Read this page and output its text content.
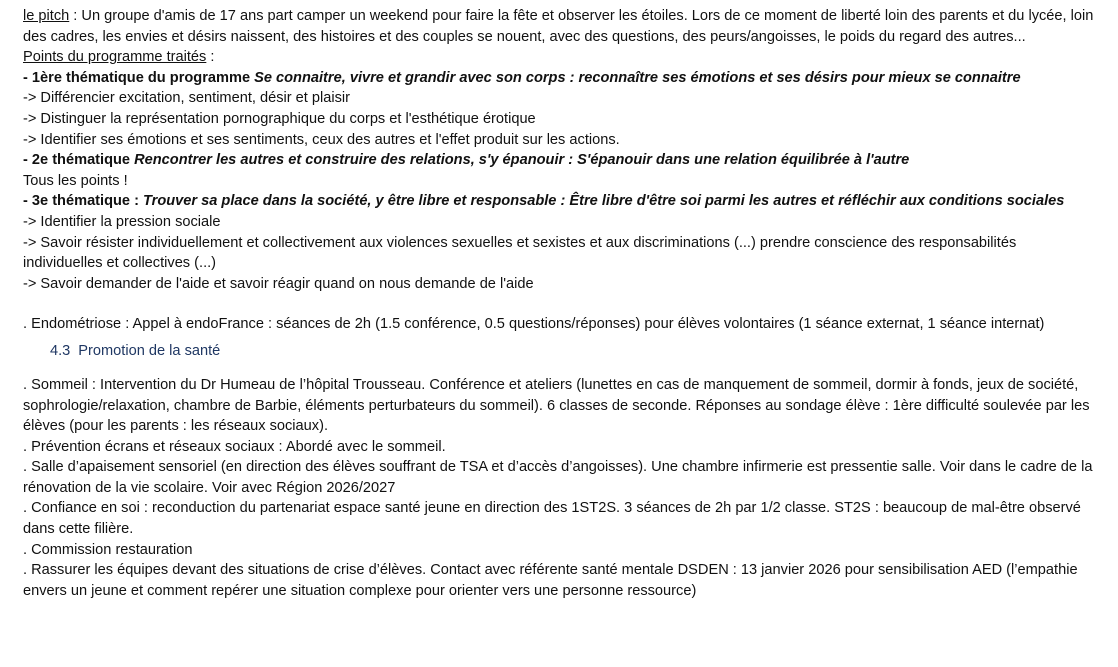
le pitch : Un groupe d'amis de 17 ans part camper un weekend pour faire la fête et observer les étoiles. Lors de ce moment de liberté loin des parents et du lycée, loin des cadres, les envies et désirs naissent, des histoires et des couples se nouent, avec des questions, des peurs/angoisses, le poids du regard des autres...

Points du programme traités :

- 1ère thématique du programme Se connaitre, vivre et grandir avec son corps : reconnaître ses émotions et ses désirs pour mieux se connaitre

-> Différencier excitation, sentiment, désir et plaisir

-> Distinguer la représentation pornographique du corps et l'esthétique érotique

-> Identifier ses émotions et ses sentiments, ceux des autres et l'effet produit sur les actions.

- 2e thématique Rencontrer les autres et construire des relations, s'y épanouir : S'épanouir dans une relation équilibrée à l'autre

Tous les points !

- 3e thématique : Trouver sa place dans la société, y être libre et responsable : Être libre d'être soi parmi les autres et réfléchir aux conditions sociales

-> Identifier la pression sociale

-> Savoir résister individuellement et collectivement aux violences sexuelles et sexistes et aux discriminations (...) prendre conscience des responsabilités individuelles et collectives (...)

-> Savoir demander de l'aide et savoir réagir quand on nous demande de l'aide

. Endométriose : Appel à endoFrance : séances de 2h (1.5 conférence, 0.5 questions/réponses) pour élèves volontaires (1 séance externat, 1 séance internat)

4.3 Promotion de la santé

. Sommeil : Intervention du Dr Humeau de l’hôpital Trousseau. Conférence et ateliers (lunettes en cas de manquement de sommeil, dormir à fonds, jeux de société, sophrologie/relaxation, chambre de Barbie, éléments perturbateurs du sommeil). 6 classes de seconde. Réponses au sondage élève : 1ère difficulté soulevée par les élèves (pour les parents : les réseaux sociaux).

. Prévention écrans et réseaux sociaux : Abordé avec le sommeil.

. Salle d’apaisement sensoriel (en direction des élèves souffrant de TSA et d’accès d’angoisses). Une chambre infirmerie est pressentie salle. Voir dans le cadre de la rénovation de la vie scolaire. Voir avec Région 2026/2027

. Confiance en soi : reconduction du partenariat espace santé jeune en direction des 1ST2S. 3 séances de 2h par 1/2 classe. ST2S : beaucoup de mal-être observé dans cette filière.

. Commission restauration

. Rassurer les équipes devant des situations de crise d’élèves. Contact avec référente santé mentale DSDEN : 13 janvier 2026 pour sensibilisation AED (l’empathie envers un jeune et comment repérer une situation complexe pour orienter vers une personne ressource)
